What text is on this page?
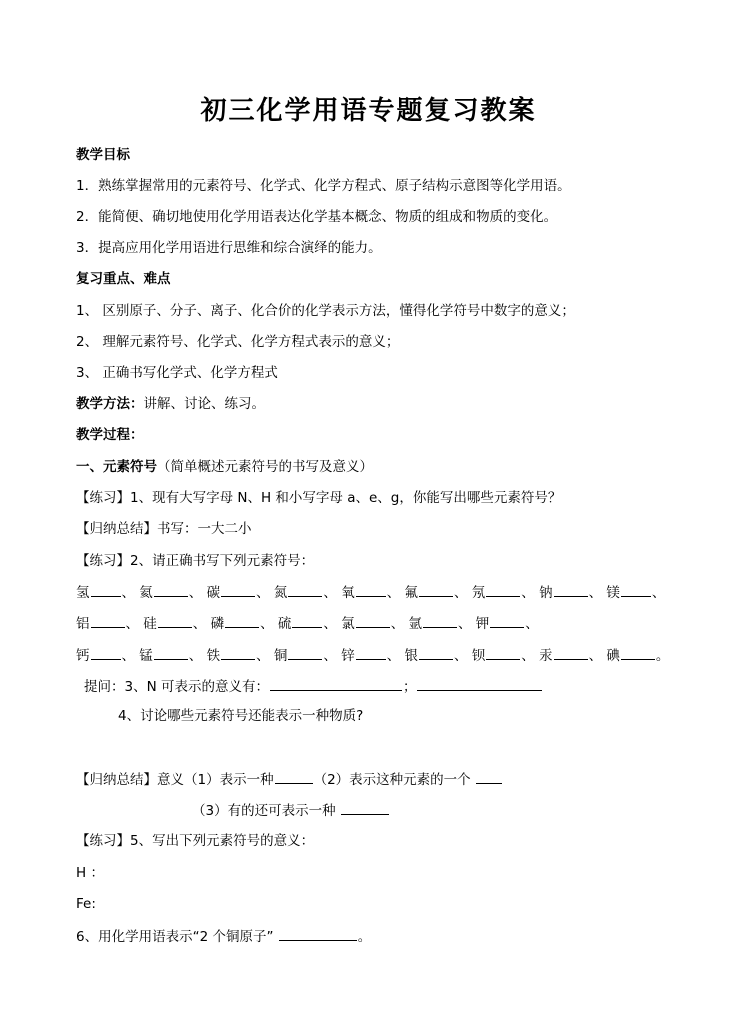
初三化学用语专题复习教案
教学目标
1．熟练掌握常用的元素符号、化学式、化学方程式、原子结构示意图等化学用语。
2．能简便、确切地使用化学用语表达化学基本概念、物质的组成和物质的变化。
3．提高应用化学用语进行思维和综合演绎的能力。
复习重点、难点
1、 区别原子、分子、离子、化合价的化学表示方法，懂得化学符号中数字的意义；
2、 理解元素符号、化学式、化学方程式表示的意义；
3、 正确书写化学式、化学方程式
教学方法：讲解、讨论、练习。
教学过程：
一、元素符号（简单概述元素符号的书写及意义）
【练习】1、现有大写字母 N、H 和小写字母 a、e、g，你能写出哪些元素符号？
【归纳总结】书写：一大二小
【练习】2、请正确书写下列元素符号：
氢 、 氦	、 碳	、 氮	、 氧 、 氟	、 氖	、 钠	、 镁 、
铝	、 硅	、 磷	、 硫 、 氯	、 氩	、 钾	、
钙 、 锰	、 铁	、 铜	、 锌 、 银	、 钡	、 汞	、 碘	。
提问：3、N 可表示的意义有：	；
4、讨论哪些元素符号还能表示一种物质?
【归纳总结】意义（1）表示一种	（2）表示这种元素的一个
（3）有的还可表示一种
【练习】5、写出下列元素符号的意义：
H ：
Fe:
6、用化学用语表示“2 个铜原子”	。
